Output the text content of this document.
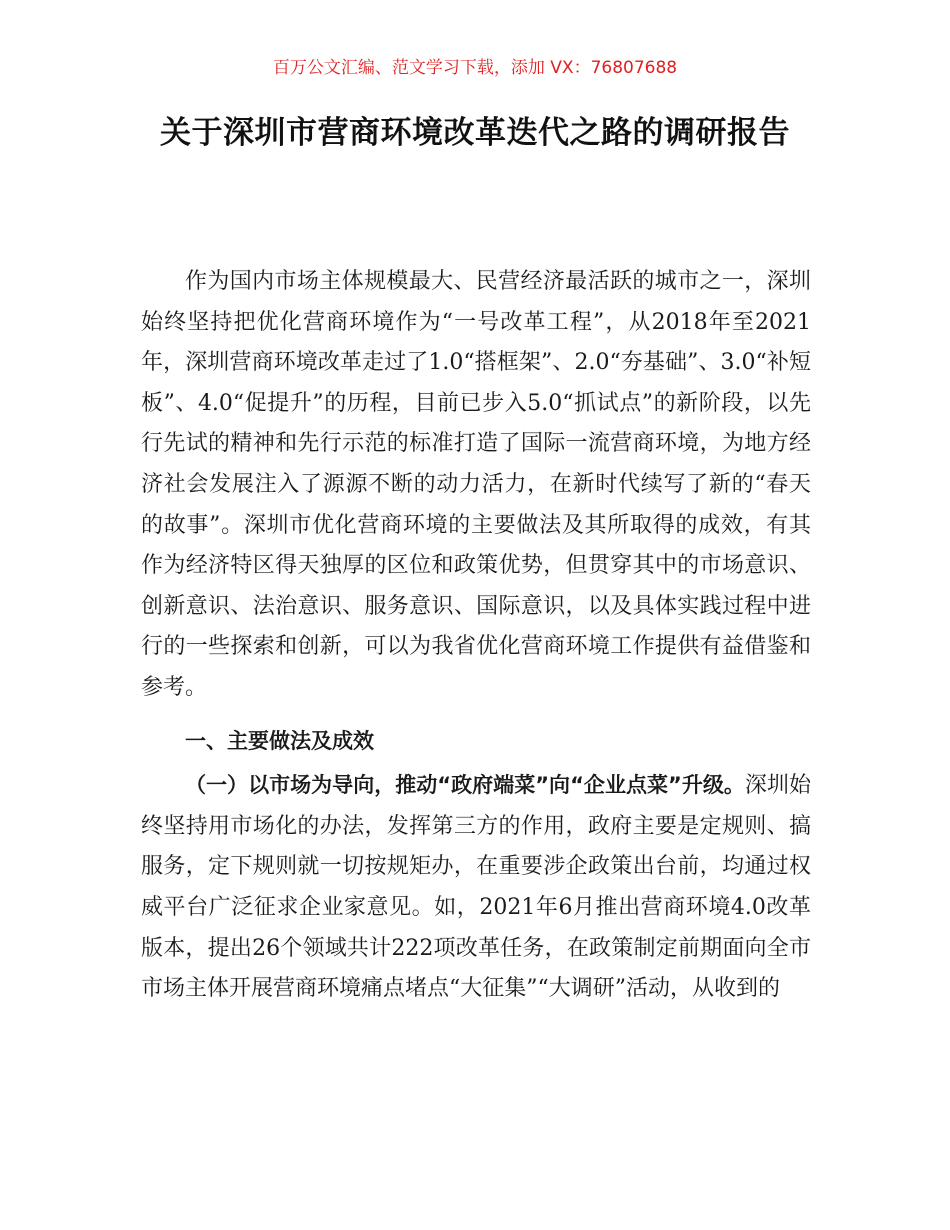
百万公文汇编、范文学习下载，添加 VX：76807688
关于深圳市营商环境改革迭代之路的调研报告

作为国内市场主体规模最大、民营经济最活跃的城市之一，深圳始终坚持把优化营商环境作为“一号改革工程”，从2018年至2021年，深圳营商环境改革走过了1.0“搭框架”、2.0“夯基础”、3.0“补短板”、4.0“促提升”的历程，目前已步入5.0“抓试点”的新阶段，以先行先试的精神和先行示范的标准打造了国际一流营商环境，为地方经济社会发展注入了源源不断的动力活力，在新时代续写了新的“春天的故事”。深圳市优化营商环境的主要做法及其所取得的成效，有其作为经济特区得天独厚的区位和政策优势，但贯穿其中的市场意识、创新意识、法治意识、服务意识、国际意识，以及具体实践过程中进行的一些探索和创新，可以为我省优化营商环境工作提供有益借鉴和参考。

一、主要做法及成效

（一）以市场为导向，推动“政府端菜”向“企业点菜”升级。深圳始终坚持用市场化的办法，发挥第三方的作用，政府主要是定规则、搞服务，定下规则就一切按规矩办，在重要涉企政策出台前，均通过权威平台广泛征求企业家意见。如，2021年6月推出营商环境4.0改革版本，提出26个领域共计222项改革任务，在政策制定前期面向全市市场主体开展营商环境痛点堵点“大征集”“大调研”活动，从收到的
